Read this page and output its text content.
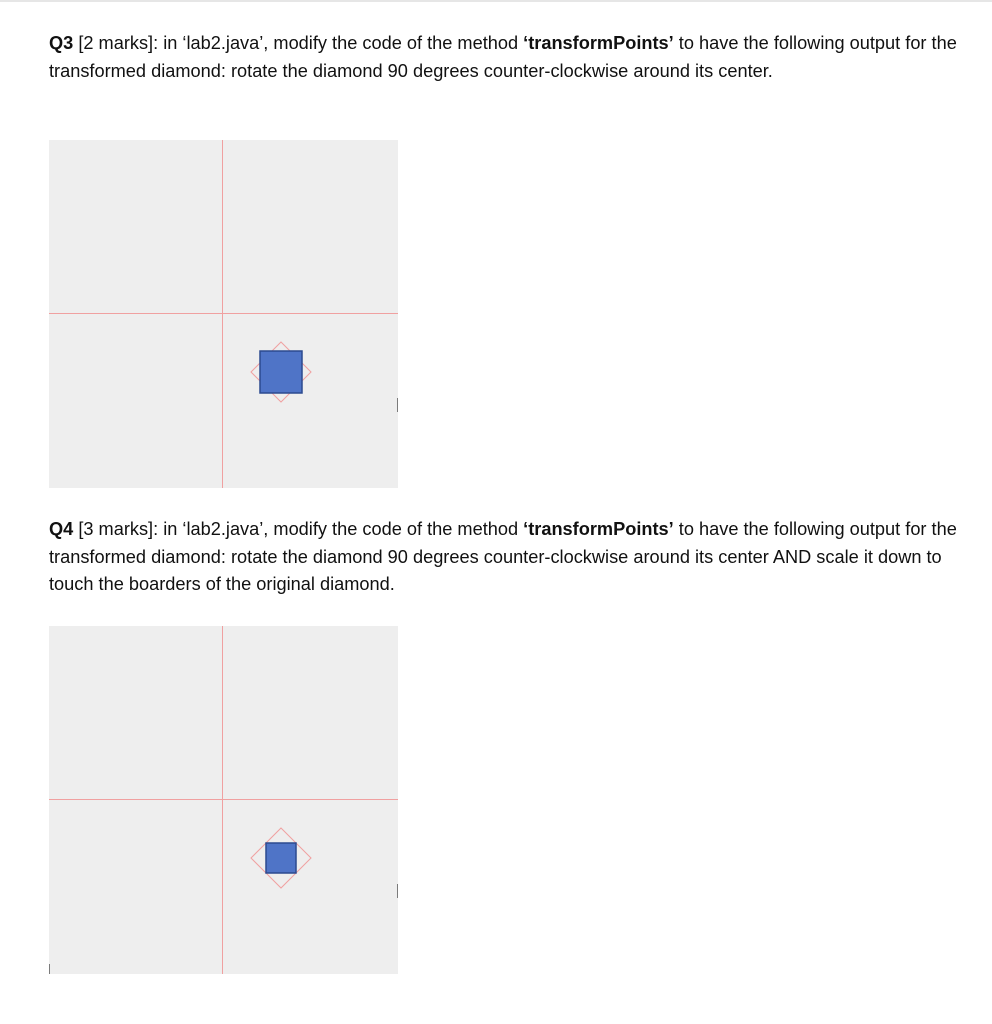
Q3 [2 marks]: in ‘lab2.java’, modify the code of the method ‘transformPoints’ to have the following output for the transformed diamond: rotate the diamond 90 degrees counter-clockwise around its center.

Q4 [3 marks]: in ‘lab2.java’, modify the code of the method ‘transformPoints’ to have the following output for the transformed diamond: rotate the diamond 90 degrees counter-clockwise around its center AND scale it down to touch the boarders of the original diamond.
